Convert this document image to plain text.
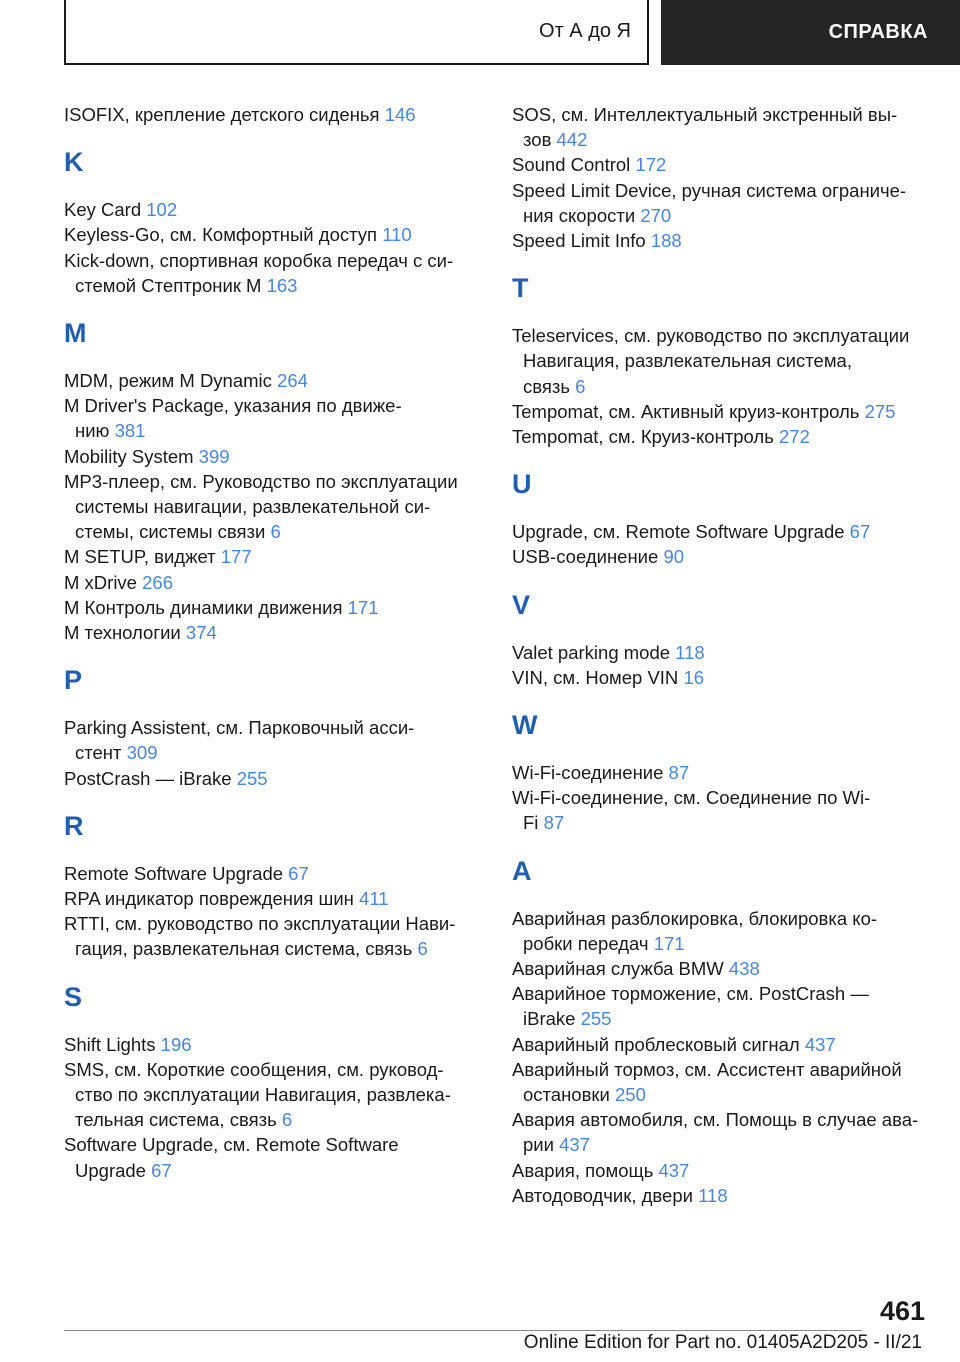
От А до Я	СПРАВКА
ISOFIX, крепление детского сиденья 146
K
Key Card 102
Keyless-Go, см. Комфортный доступ 110
Kick-down, спортивная коробка передач с си-
стемой Стептроник M 163
M
MDM, режим M Dynamic 264
M Driver's Package, указания по движе-
нию 381
Mobility System 399
MP3-плеер, см. Руководство по эксплуатации
системы навигации, развлекательной си-
стемы, системы связи 6
M SETUP, виджет 177
M xDrive 266
M Контроль динамики движения 171
M технологии 374
P
Parking Assistent, см. Парковочный асси-
стент 309
PostCrash — iBrake 255
R
Remote Software Upgrade 67
RPA индикатор повреждения шин 411
RTTI, см. руководство по эксплуатации Нави-
гация, развлекательная система, связь 6
S
Shift Lights 196
SMS, см. Короткие сообщения, см. руковод-
ство по эксплуатации Навигация, развлека-
тельная система, связь 6
Software Upgrade, см. Remote Software
Upgrade 67
SOS, см. Интеллектуальный экстренный вы-
зов 442
Sound Control 172
Speed Limit Device, ручная система ограниче-
ния скорости 270
Speed Limit Info 188
T
Teleservices, см. руководство по эксплуатации
Навигация, развлекательная система,
связь 6
Tempomat, см. Активный круиз-контроль 275
Tempomat, см. Круиз-контроль 272
U
Upgrade, см. Remote Software Upgrade 67
USB-соединение 90
V
Valet parking mode 118
VIN, см. Номер VIN 16
W
Wi-Fi-соединение 87
Wi-Fi-соединение, см. Соединение по Wi-
Fi 87
А
Аварийная разблокировка, блокировка ко-
робки передач 171
Аварийная служба BMW 438
Аварийное торможение, см. PostCrash —
iBrake 255
Аварийный проблесковый сигнал 437
Аварийный тормоз, см. Ассистент аварийной
остановки 250
Авария автомобиля, см. Помощь в случае ава-
рии 437
Авария, помощь 437
Автодоводчик, двери 118
461
Online Edition for Part no. 01405A2D205 - II/21
